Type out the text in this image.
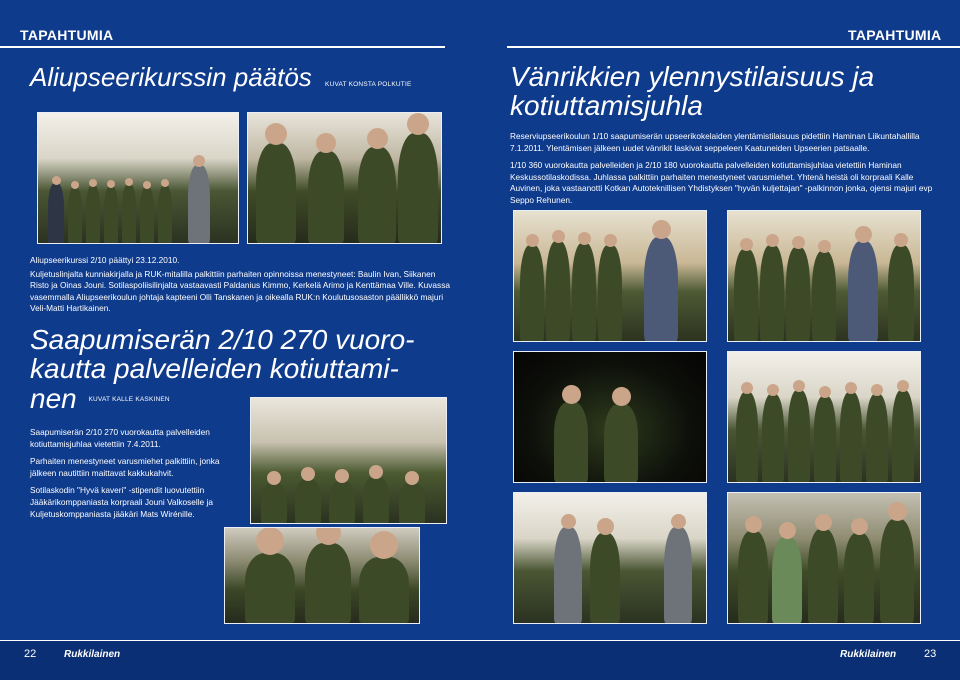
TAPAHTUMIA	TAPAHTUMIA
Aliupseerikurssin päätös KUVAT KONSTA POLKUTIE

Aliupseerikurssi 2/10 päättyi 23.12.2010.

Kuljetuslinjalta kunniakirjalla ja RUK-mitalilla palkittiin parhaiten opinnoissa menestyneet: Baulin Ivan, Siikanen Risto ja Oinas Jouni. Sotilaspoliisilinjalta vastaavasti Paldanius Kimmo, Kerkelä Arimo ja Kenttämaa Ville. Kuvassa vasemmalla Aliupseerikoulun johtaja kapteeni Olli Tanskanen ja oikealla RUK:n Koulutusosaston päällikkö majuri Veli-Matti Hartikainen.

Saapumiserän 2/10 270 vuoro-
kautta palvelleiden kotiuttami-
nen KUVAT KALLE KASKINEN

Saapumiserän 2/10 270 vuorokautta palvelleiden kotiuttamisjuhlaa vietettiin 7.4.2011.

Parhaiten menestyneet varusmiehet palkittiin, jonka jälkeen nautittiin maittavat kakkukahvit.

Sotilaskodin "Hyvä kaveri" -stipendit luovutettiin Jääkärikomppaniasta korpraali Jouni Valkoselle ja Kuljetuskomppaniasta jääkäri Mats Wirénille.

Vänrikkien ylennystilaisuus ja
kotiuttamisjuhla

Reserviupseerikoulun 1/10 saapumiserän upseerikokelaiden ylentämistilaisuus pidettiin Haminan Liikuntahallilla 7.1.2011. Ylentämisen jälkeen uudet vänrikit laskivat seppeleen Kaatuneiden Upseerien patsaalle.

1/10 360 vuorokautta palvelleiden ja 2/10 180 vuorokautta palvelleiden kotiuttamisjuhlaa vietettiin Haminan Keskussotilaskodissa. Juhlassa palkittiin parhaiten menestyneet varusmiehet. Yhtenä heistä oli korpraali Kalle Auvinen, joka vastaanotti Kotkan Autoteknillisen Yhdistyksen "hyvän kuljettajan" -palkinnon jonka, ojensi majuri evp Seppo Rehunen.

22	Rukkilainen	Rukkilainen	23
